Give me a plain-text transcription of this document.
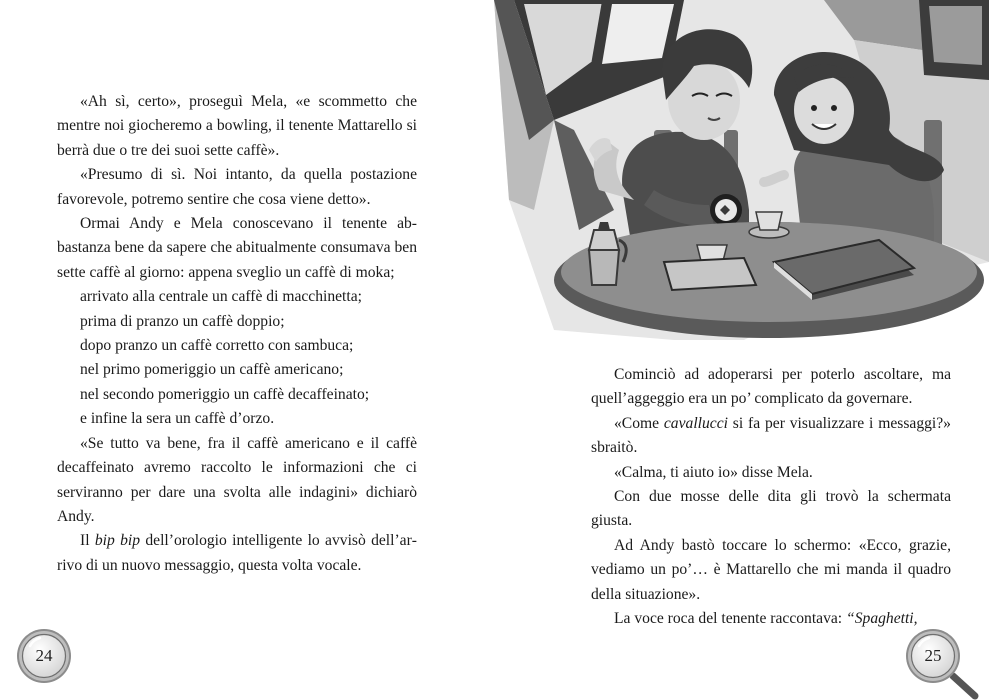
«Ah sì, certo», proseguì Mela, «e scommetto che mentre noi giocheremo a bowling, il tenente Mattarello si berrà due o tre dei suoi sette caffè».

«Presumo di sì. Noi intanto, da quella postazione favorevole, potremo sentire che cosa viene detto».

Ormai Andy e Mela conoscevano il tenente abbastanza bene da sapere che abitualmente consumava ben sette caffè al giorno: appena sveglio un caffè di moka;

arrivato alla centrale un caffè di macchinetta;

prima di pranzo un caffè doppio;

dopo pranzo un caffè corretto con sambuca;

nel primo pomeriggio un caffè americano;

nel secondo pomeriggio un caffè decaffeinato;

e infine la sera un caffè d’orzo.

«Se tutto va bene, fra il caffè americano e il caffè decaffeinato avremo raccolto le informazioni che ci serviranno per dare una svolta alle indagini» dichiarò Andy.

Il bip bip dell’orologio intelligente lo avvisò dell’arrivo di un nuovo messaggio, questa volta vocale.

24

Cominciò ad adoperarsi per poterlo ascoltare, ma quell’aggeggio era un po’ complicato da governare.

«Come cavallucci si fa per visualizzare i messaggi?» sbraitò.

«Calma, ti aiuto io» disse Mela.

Con due mosse delle dita gli trovò la schermata giusta.

Ad Andy bastò toccare lo schermo: «Ecco, grazie, vediamo un po’… è Mattarello che mi manda il quadro della situazione».

La voce roca del tenente raccontava: “Spaghetti,

25
